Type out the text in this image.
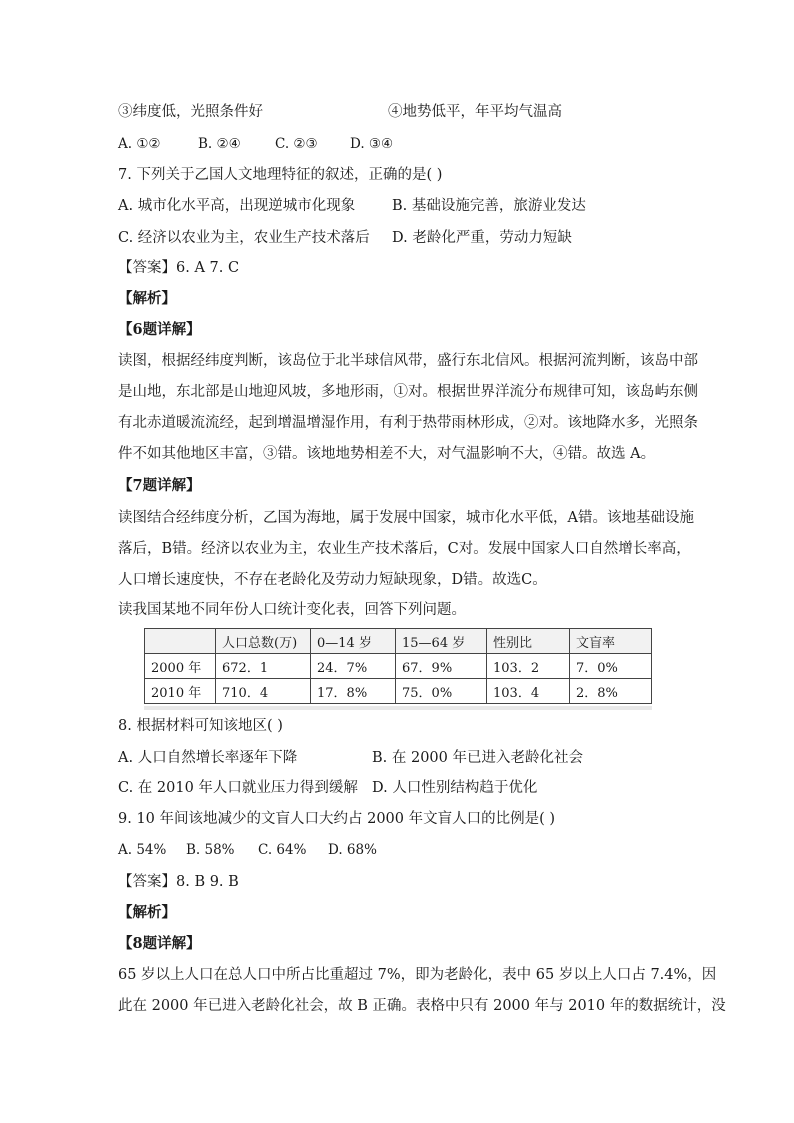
③纬度低，光照条件好	④地势低平，年平均气温高
A. ①②	B. ②④	C. ②③ D. ③④
7. 下列关于乙国人文地理特征的叙述，正确的是( )
A. 城市化水平高，出现逆城市化现象	B. 基础设施完善，旅游业发达
C. 经济以农业为主，农业生产技术落后 D. 老龄化严重，劳动力短缺
【答案】6. A 7. C
【解析】
【6题详解】
读图，根据经纬度判断，该岛位于北半球信风带，盛行东北信风。根据河流判断，该岛中部
是山地，东北部是山地迎风坡，多地形雨，①对。根据世界洋流分布规律可知，该岛屿东侧
有北赤道暖流流经，起到增温增湿作用，有利于热带雨林形成，②对。该地降水多，光照条
件不如其他地区丰富，③错。该地地势相差不大，对气温影响不大，④错。故选 A。
【7题详解】
读图结合经纬度分析，乙国为海地，属于发展中国家，城市化水平低，A错。该地基础设施
落后，B错。经济以农业为主，农业生产技术落后，C对。发展中国家人口自然增长率高，
人口增长速度快，不存在老龄化及劳动力短缺现象，D错。故选C。
读我国某地不同年份人口统计变化表，回答下列问题。
	人口总数(万)	0—14 岁	15—64 岁	性别比	文盲率
2000 年	672．1	24．7%	67．9%	103．2	7．0%
2010 年	710．4	17．8%	75．0%	103．4	2．8%
8. 根据材料可知该地区( )
A. 人口自然增长率逐年下降	B. 在 2000 年已进入老龄化社会
C. 在 2010 年人口就业压力得到缓解 D. 人口性别结构趋于优化
9. 10 年间该地减少的文盲人口大约占 2000 年文盲人口的比例是( )
A. 54% B. 58% C. 64% D. 68%
【答案】8. B 9. B
【解析】
【8题详解】
65 岁以上人口在总人口中所占比重超过 7%，即为老龄化，表中 65 岁以上人口占 7.4%，因
此在 2000 年已进入老龄化社会，故 B 正确。表格中只有 2000 年与 2010 年的数据统计，没
